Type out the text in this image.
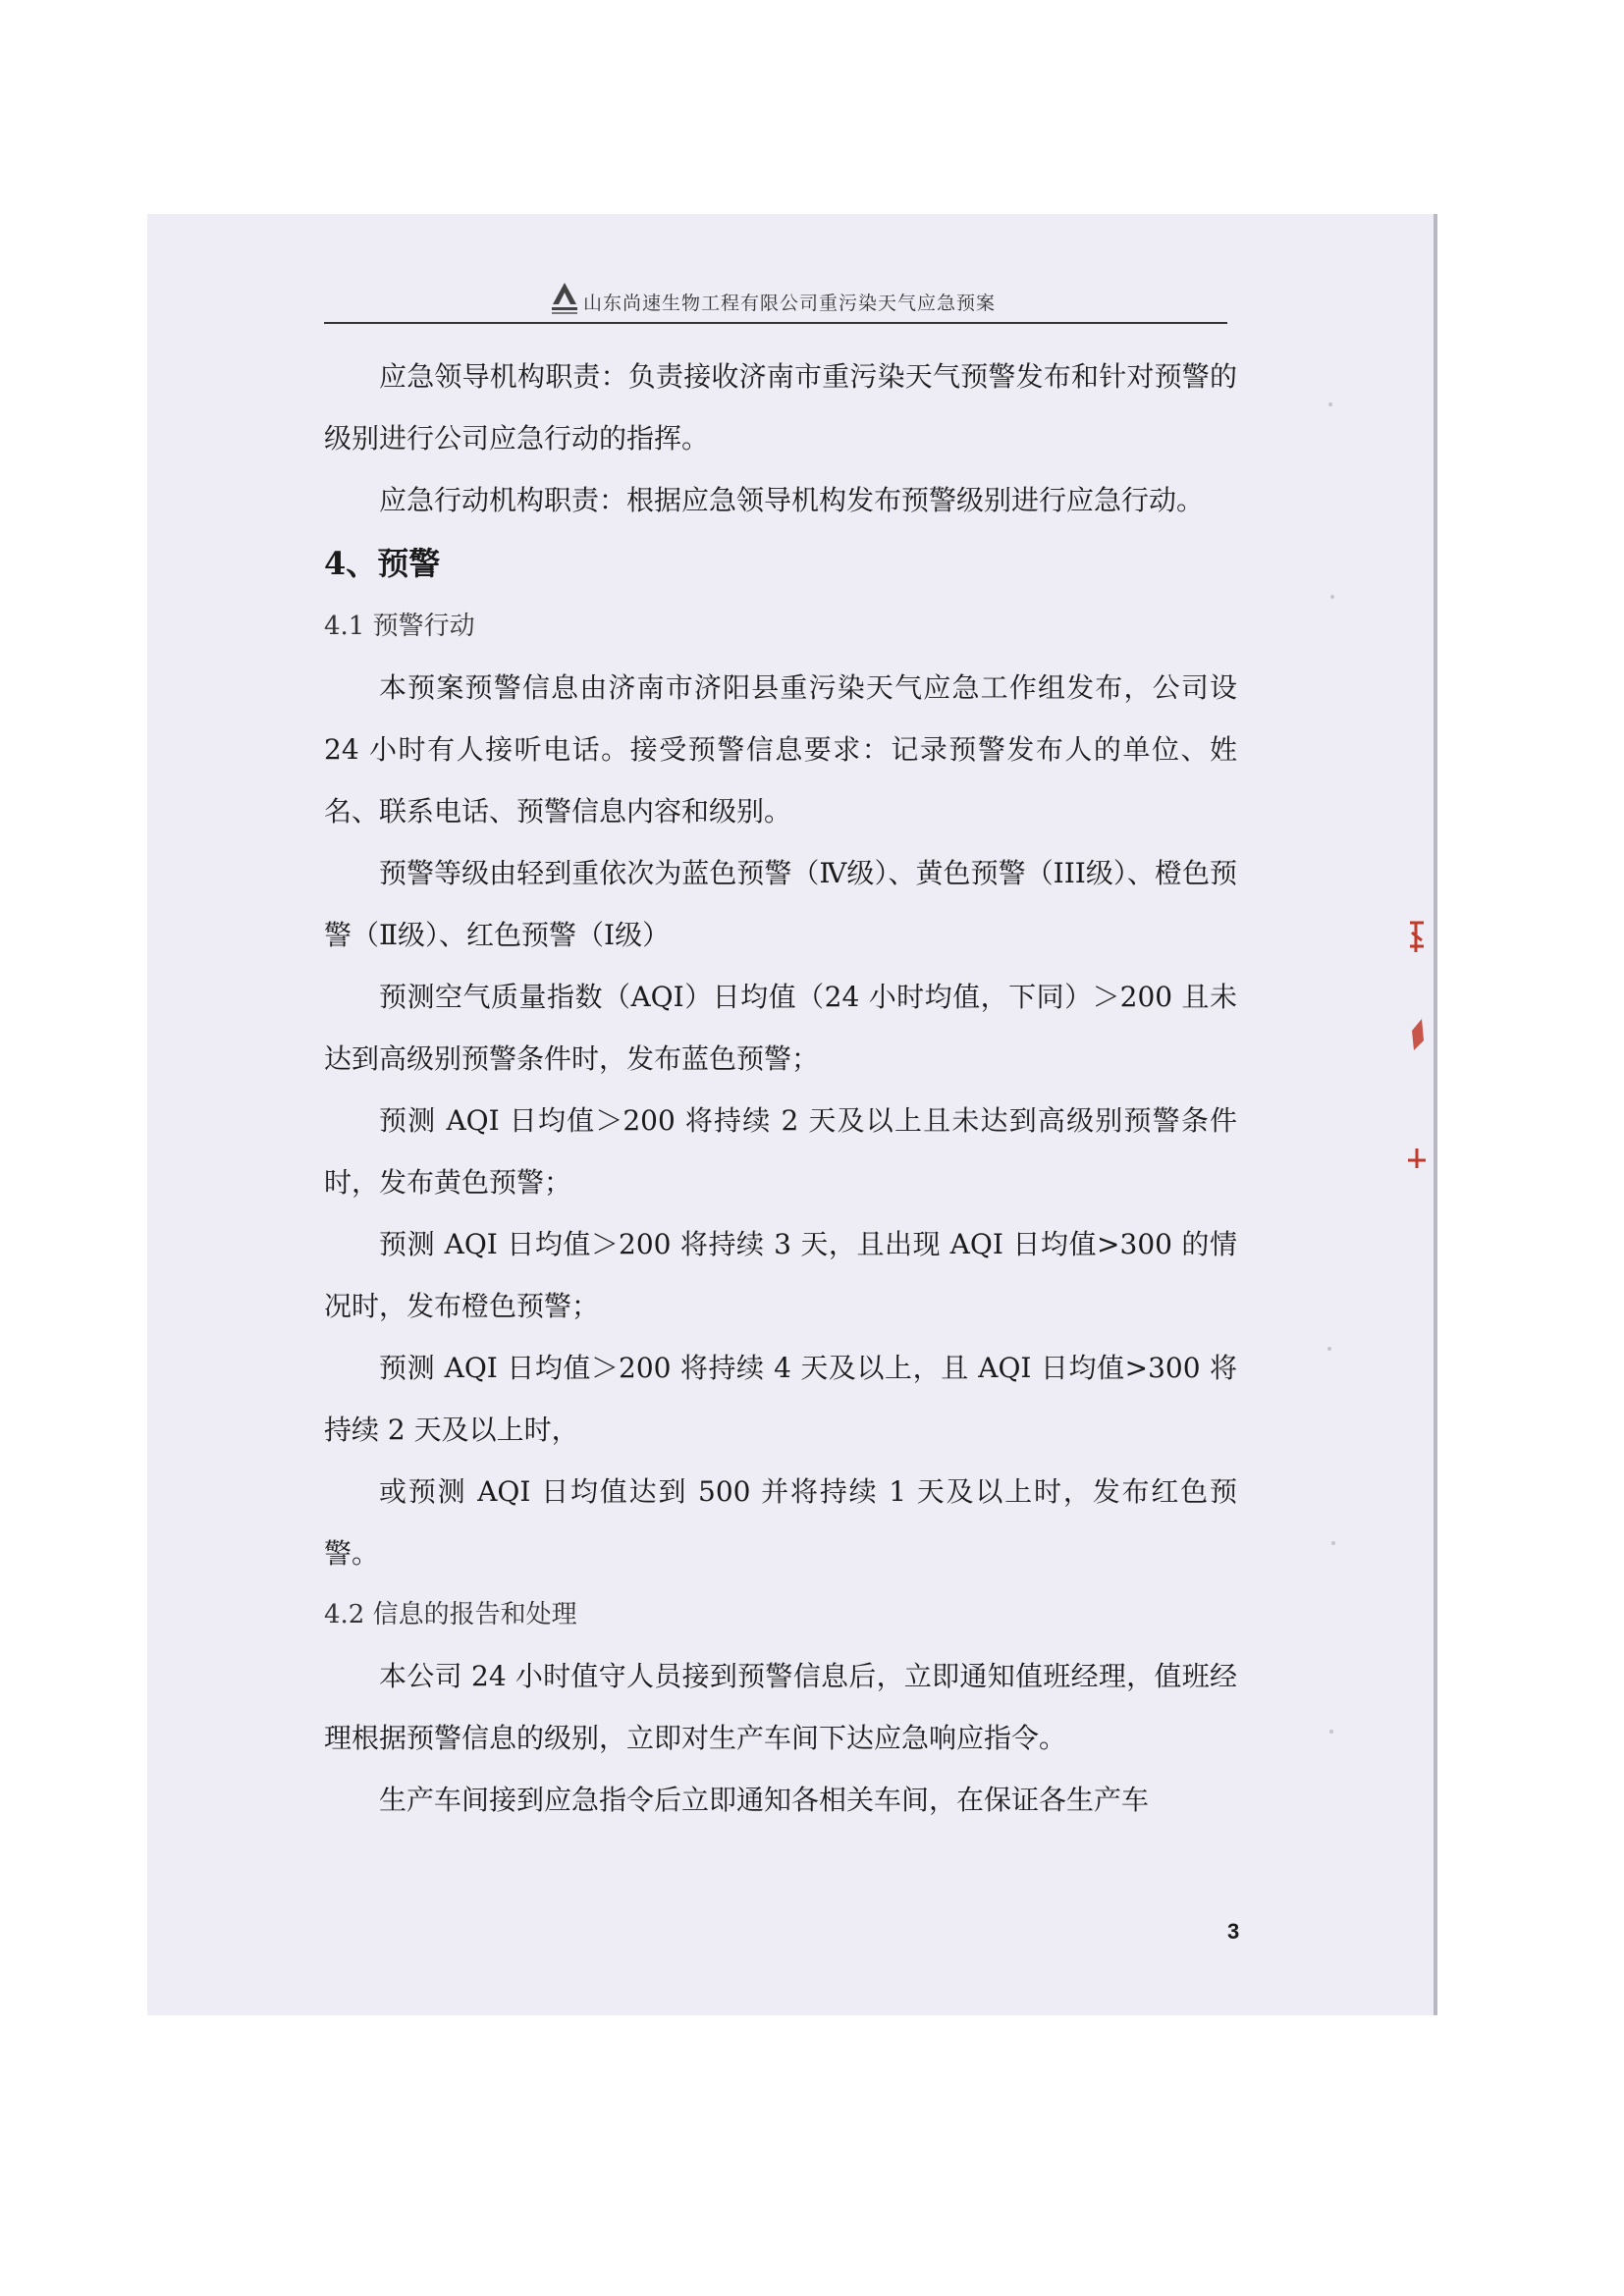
山东尚速生物工程有限公司重污染天气应急预案

应急领导机构职责：负责接收济南市重污染天气预警发布和针对预警的级别进行公司应急行动的指挥。

应急行动机构职责：根据应急领导机构发布预警级别进行应急行动。

4、预警

4.1 预警行动

本预案预警信息由济南市济阳县重污染天气应急工作组发布，公司设 24 小时有人接听电话。接受预警信息要求：记录预警发布人的单位、姓名、联系电话、预警信息内容和级别。

预警等级由轻到重依次为蓝色预警（Ⅳ级）、黄色预警（III级）、橙色预警（Ⅱ级）、红色预警（Ⅰ级）

预测空气质量指数（AQI）日均值（24 小时均值，下同）＞200 且未达到高级别预警条件时，发布蓝色预警；

预测 AQI 日均值＞200 将持续 2 天及以上且未达到高级别预警条件时，发布黄色预警；

预测 AQI 日均值＞200 将持续 3 天，且出现 AQI 日均值>300 的情况时，发布橙色预警；

预测 AQI 日均值＞200 将持续 4 天及以上，且 AQI 日均值>300 将持续 2 天及以上时，

或预测 AQI 日均值达到 500 并将持续 1 天及以上时，发布红色预警。

4.2 信息的报告和处理

本公司 24 小时值守人员接到预警信息后，立即通知值班经理，值班经理根据预警信息的级别，立即对生产车间下达应急响应指令。

生产车间接到应急指令后立即通知各相关车间，在保证各生产车

3
